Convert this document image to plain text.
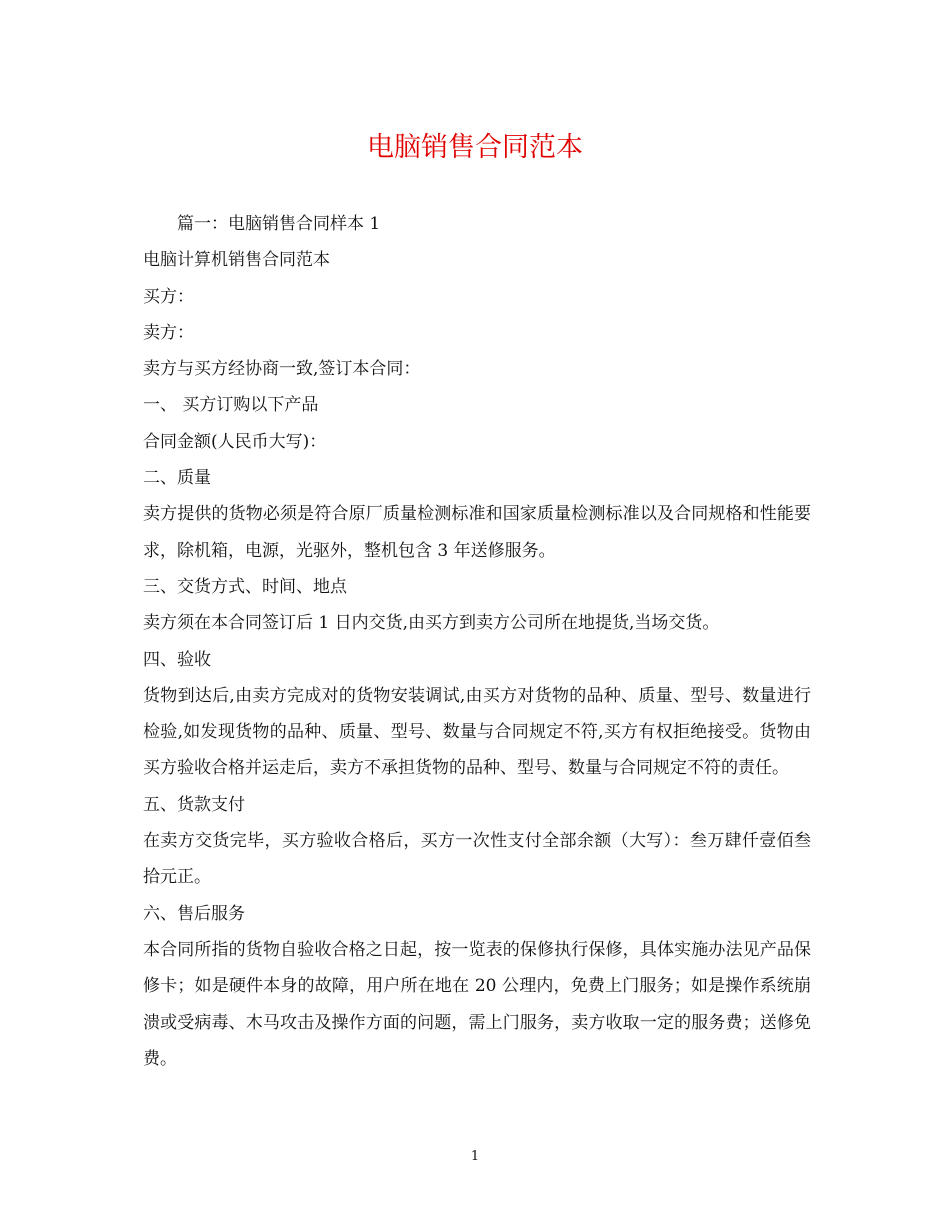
电脑销售合同范本

篇一：电脑销售合同样本 1

电脑计算机销售合同范本

买方：

卖方：

卖方与买方经协商一致,签订本合同：

一、 买方订购以下产品

合同金额(人民币大写)：

二、质量

卖方提供的货物必须是符合原厂质量检测标准和国家质量检测标准以及合同规格和性能要求，除机箱，电源，光驱外，整机包含 3 年送修服务。

三、交货方式、时间、地点

卖方须在本合同签订后 1 日内交货,由买方到卖方公司所在地提货,当场交货。

四、验收

货物到达后,由卖方完成对的货物安装调试,由买方对货物的品种、质量、型号、数量进行检验,如发现货物的品种、质量、型号、数量与合同规定不符,买方有权拒绝接受。货物由买方验收合格并运走后，卖方不承担货物的品种、型号、数量与合同规定不符的责任。

五、货款支付

在卖方交货完毕，买方验收合格后，买方一次性支付全部余额（大写）：叁万肆仟壹佰叁拾元正。

六、售后服务

本合同所指的货物自验收合格之日起，按一览表的保修执行保修，具体实施办法见产品保修卡；如是硬件本身的故障，用户所在地在 20 公理内，免费上门服务；如是操作系统崩溃或受病毒、木马攻击及操作方面的问题，需上门服务，卖方收取一定的服务费；送修免费。

1
